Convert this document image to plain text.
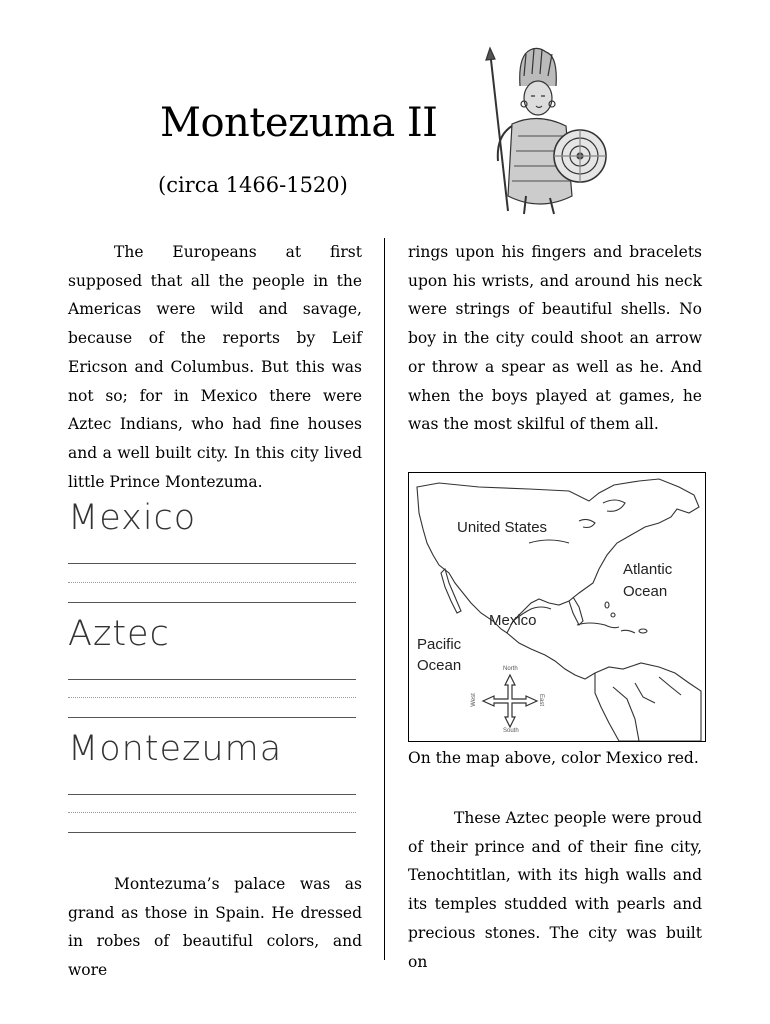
Montezuma II
(circa 1466-1520)

The Europeans at first supposed that all the people in the Americas were wild and savage, because of the reports by Leif Ericson and Columbus. But this was not so; for in Mexico there were Aztec Indians, who had fine houses and a well built city. In this city lived little Prince Montezuma.

Mexico
Aztec
Montezuma

Montezuma’s palace was as grand as those in Spain. He dressed in robes of beautiful colors, and wore

rings upon his fingers and bracelets upon his wrists, and around his neck were strings of beautiful shells. No boy in the city could shoot an arrow or throw a spear as well as he. And when the boys played at games, he was the most skilful of them all.

United States
Atlantic
Ocean
Mexico
Pacific
Ocean	North
South
East
West
On the map above, color Mexico red.

These Aztec people were proud of their prince and of their fine city, Tenochtitlan, with its high walls and its temples studded with pearls and precious stones. The city was built on
